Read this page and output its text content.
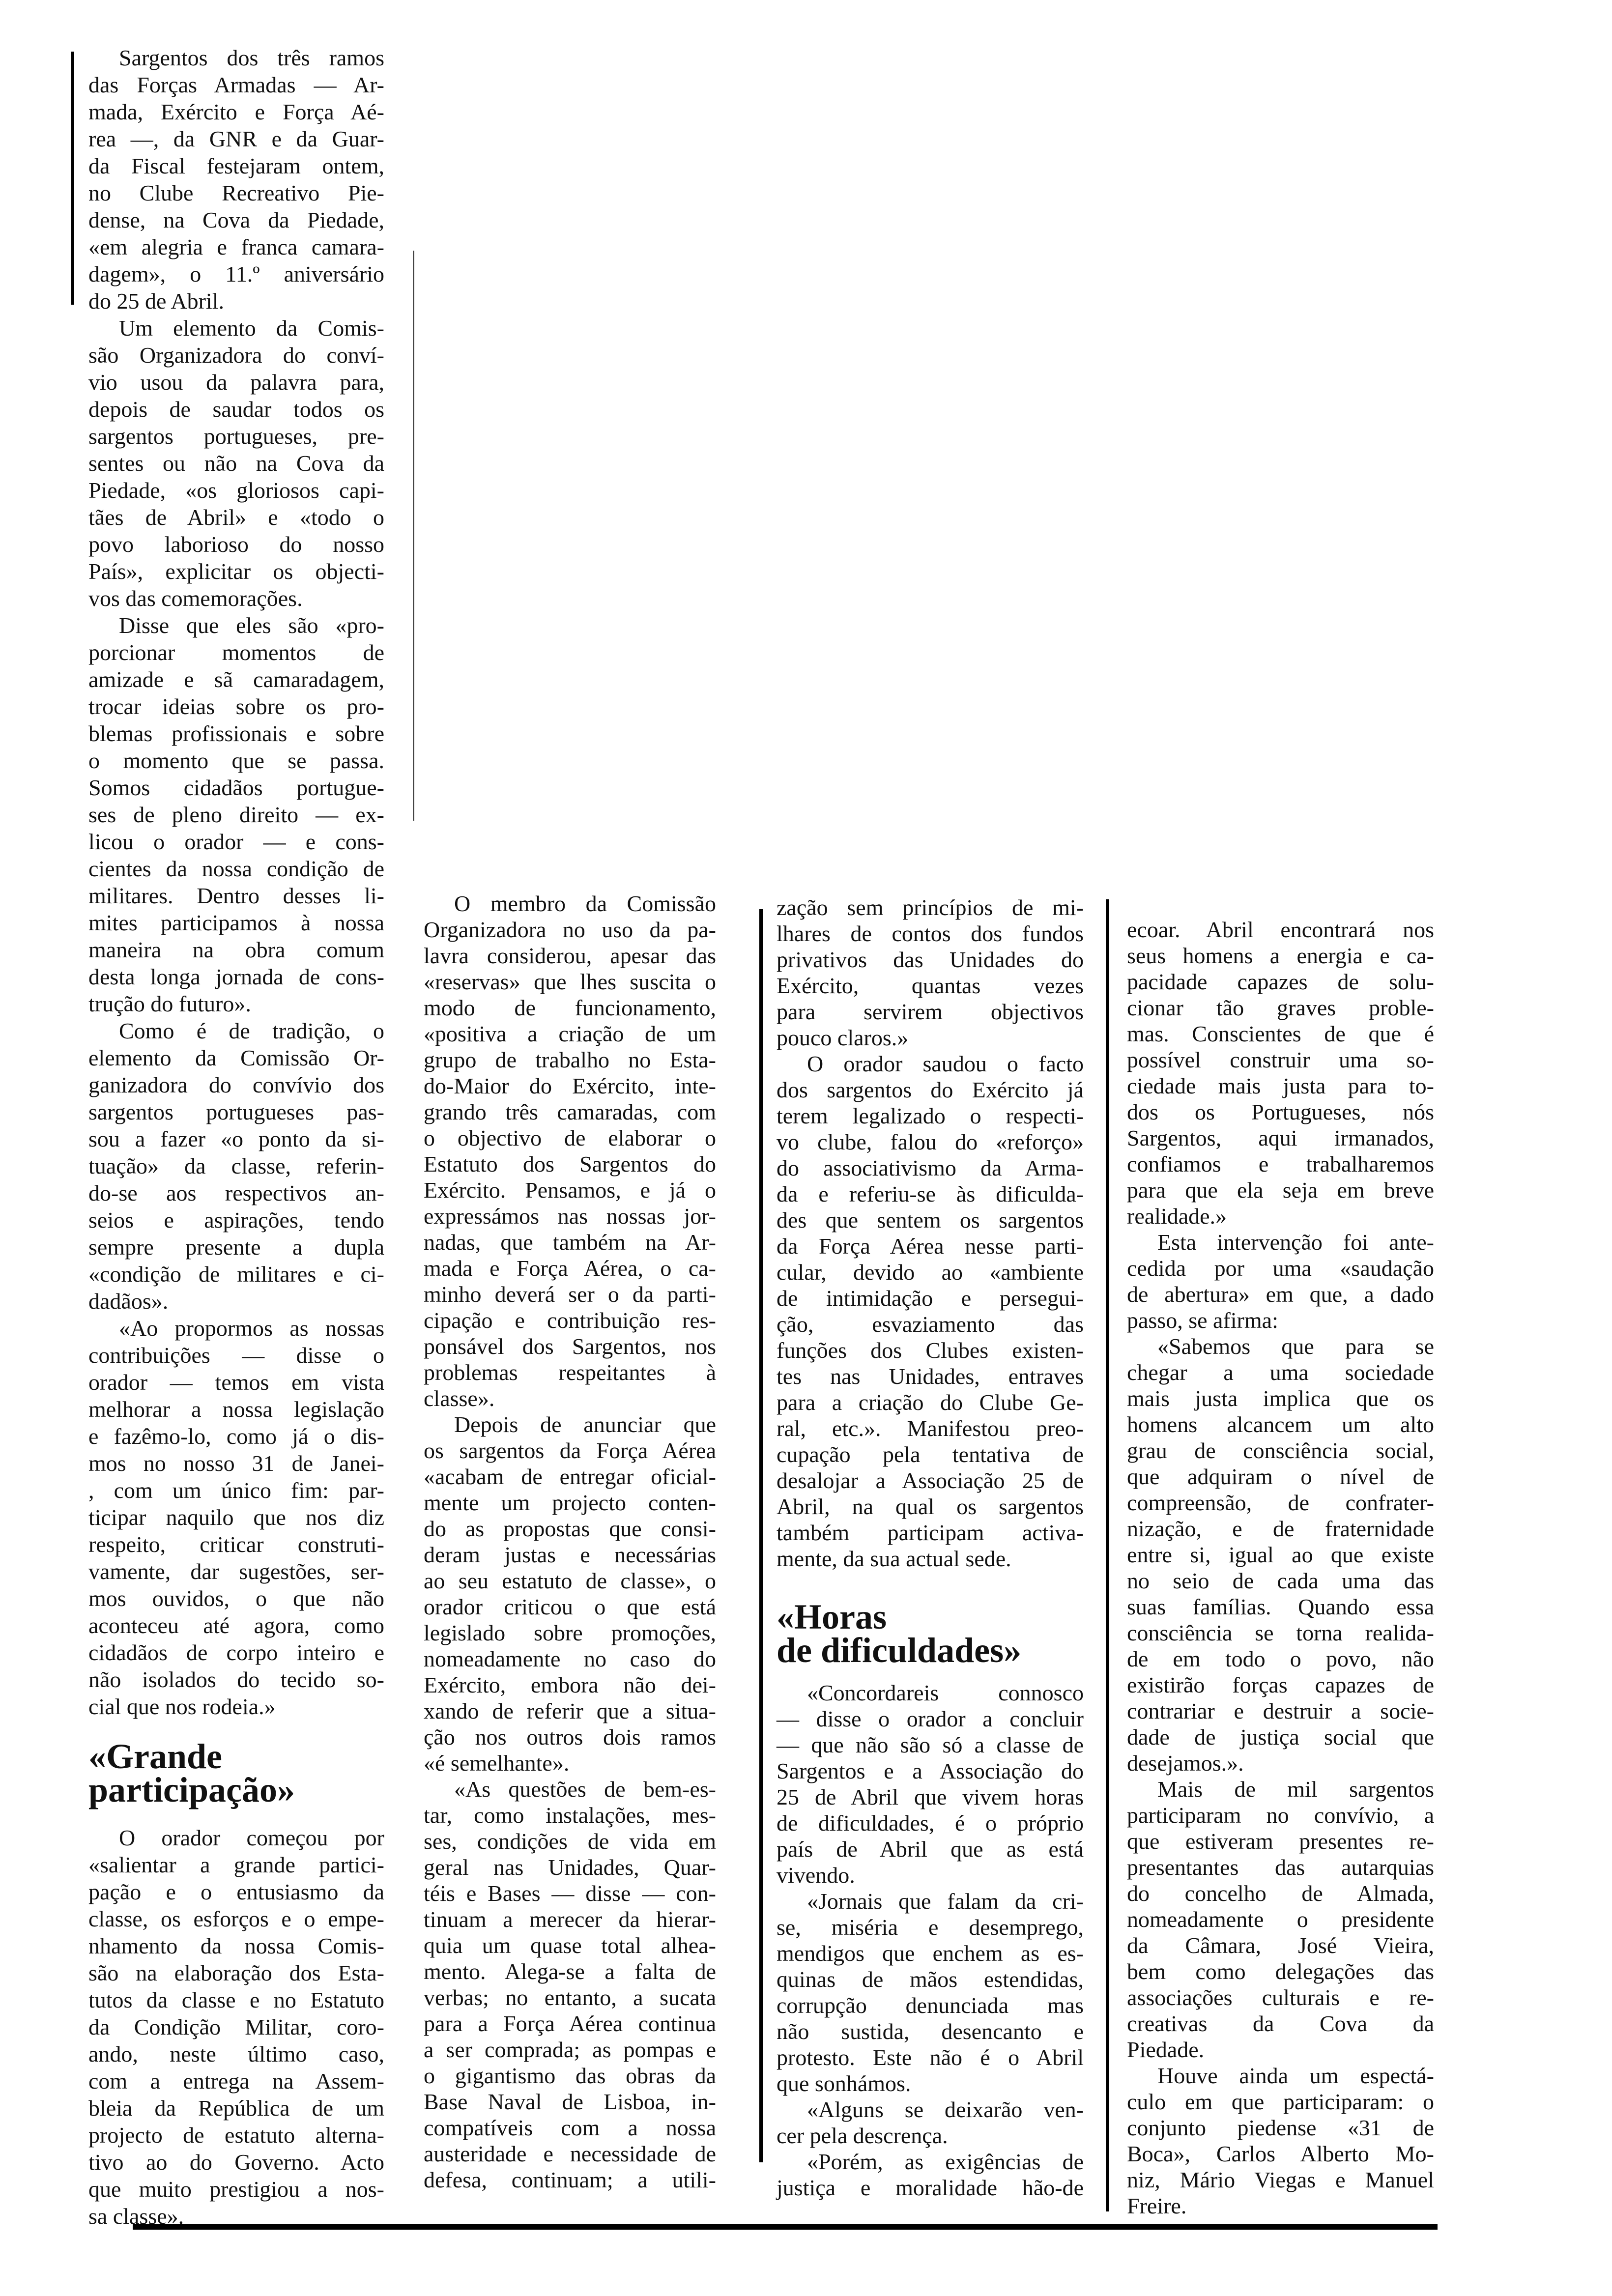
Sargentos dos três ramos
das Forças Armadas — Ar-
mada, Exército e Força Aé-
rea —, da GNR e da Guar-
da Fiscal festejaram ontem,
no Clube Recreativo Pie-
dense, na Cova da Piedade,
«em alegria e franca camara-
dagem», o 11.º aniversário
do 25 de Abril.
Um elemento da Comis-
são Organizadora do conví-
vio usou da palavra para,
depois de saudar todos os
sargentos portugueses, pre-
sentes ou não na Cova da
Piedade, «os gloriosos capi-
tães de Abril» e «todo o
povo laborioso do nosso
País», explicitar os objecti-
vos das comemorações.
Disse que eles são «pro-
porcionar momentos de
amizade e sã camaradagem,
trocar ideias sobre os pro-
blemas profissionais e sobre
o momento que se passa.
Somos cidadãos portugue-
ses de pleno direito — ex-
licou o orador — e cons-
cientes da nossa condição de
militares. Dentro desses li-
mites participamos à nossa
maneira na obra comum
desta longa jornada de cons-
trução do futuro».
Como é de tradição, o
elemento da Comissão Or-
ganizadora do convívio dos
sargentos portugueses pas-
sou a fazer «o ponto da si-
tuação» da classe, referin-
do-se aos respectivos an-
seios e aspirações, tendo
sempre presente a dupla
«condição de militares e ci-
dadãos».
«Ao propormos as nossas
contribuições — disse o
orador — temos em vista
melhorar a nossa legislação
e fazêmo-lo, como já o dis-
mos no nosso 31 de Janei-
, com um único fim: par-
ticipar naquilo que nos diz
respeito, criticar construti-
vamente, dar sugestões, ser-
mos ouvidos, o que não
aconteceu até agora, como
cidadãos de corpo inteiro e
não isolados do tecido so-
cial que nos rodeia.»
«Grande
participação»
O orador começou por
«salientar a grande partici-
pação e o entusiasmo da
classe, os esforços e o empe-
nhamento da nossa Comis-
são na elaboração dos Esta-
tutos da classe e no Estatuto
da Condição Militar, coro-
ando, neste último caso,
com a entrega na Assem-
bleia da República de um
projecto de estatuto alterna-
tivo ao do Governo. Acto
que muito prestigiou a nos-
sa classe».
O membro da Comissão
Organizadora no uso da pa-
lavra considerou, apesar das
«reservas» que lhes suscita o
modo de funcionamento,
«positiva a criação de um
grupo de trabalho no Esta-
do-Maior do Exército, inte-
grando três camaradas, com
o objectivo de elaborar o
Estatuto dos Sargentos do
Exército. Pensamos, e já o
expressámos nas nossas jor-
nadas, que também na Ar-
mada e Força Aérea, o ca-
minho deverá ser o da parti-
cipação e contribuição res-
ponsável dos Sargentos, nos
problemas respeitantes à
classe».
Depois de anunciar que
os sargentos da Força Aérea
«acabam de entregar oficial-
mente um projecto conten-
do as propostas que consi-
deram justas e necessárias
ao seu estatuto de classe», o
orador criticou o que está
legislado sobre promoções,
nomeadamente no caso do
Exército, embora não dei-
xando de referir que a situa-
ção nos outros dois ramos
«é semelhante».
«As questões de bem-es-
tar, como instalações, mes-
ses, condições de vida em
geral nas Unidades, Quar-
téis e Bases — disse — con-
tinuam a merecer da hierar-
quia um quase total alhea-
mento. Alega-se a falta de
verbas; no entanto, a sucata
para a Força Aérea continua
a ser comprada; as pompas e
o gigantismo das obras da
Base Naval de Lisboa, in-
compatíveis com a nossa
austeridade e necessidade de
defesa, continuam; a utili-
zação sem princípios de mi-
lhares de contos dos fundos
privativos das Unidades do
Exército, quantas vezes
para servirem objectivos
pouco claros.»
O orador saudou o facto
dos sargentos do Exército já
terem legalizado o respecti-
vo clube, falou do «reforço»
do associativismo da Arma-
da e referiu-se às dificulda-
des que sentem os sargentos
da Força Aérea nesse parti-
cular, devido ao «ambiente
de intimidação e persegui-
ção, esvaziamento das
funções dos Clubes existen-
tes nas Unidades, entraves
para a criação do Clube Ge-
ral, etc.». Manifestou preo-
cupação pela tentativa de
desalojar a Associação 25 de
Abril, na qual os sargentos
também participam activa-
mente, da sua actual sede.
«Horas
de dificuldades»
«Concordareis connosco
— disse o orador a concluir
— que não são só a classe de
Sargentos e a Associação do
25 de Abril que vivem horas
de dificuldades, é o próprio
país de Abril que as está
vivendo.
«Jornais que falam da cri-
se, miséria e desemprego,
mendigos que enchem as es-
quinas de mãos estendidas,
corrupção denunciada mas
não sustida, desencanto e
protesto. Este não é o Abril
que sonhámos.
«Alguns se deixarão ven-
cer pela descrença.
«Porém, as exigências de
justiça e moralidade hão-de
ecoar. Abril encontrará nos
seus homens a energia e ca-
pacidade capazes de solu-
cionar tão graves proble-
mas. Conscientes de que é
possível construir uma so-
ciedade mais justa para to-
dos os Portugueses, nós
Sargentos, aqui irmanados,
confiamos e trabalharemos
para que ela seja em breve
realidade.»
Esta intervenção foi ante-
cedida por uma «saudação
de abertura» em que, a dado
passo, se afirma:
«Sabemos que para se
chegar a uma sociedade
mais justa implica que os
homens alcancem um alto
grau de consciência social,
que adquiram o nível de
compreensão, de confrater-
nização, e de fraternidade
entre si, igual ao que existe
no seio de cada uma das
suas famílias. Quando essa
consciência se torna realida-
de em todo o povo, não
existirão forças capazes de
contrariar e destruir a socie-
dade de justiça social que
desejamos.».
Mais de mil sargentos
participaram no convívio, a
que estiveram presentes re-
presentantes das autarquias
do concelho de Almada,
nomeadamente o presidente
da Câmara, José Vieira,
bem como delegações das
associações culturais e re-
creativas da Cova da
Piedade.
Houve ainda um espectá-
culo em que participaram: o
conjunto piedense «31 de
Boca», Carlos Alberto Mo-
niz, Mário Viegas e Manuel
Freire.
